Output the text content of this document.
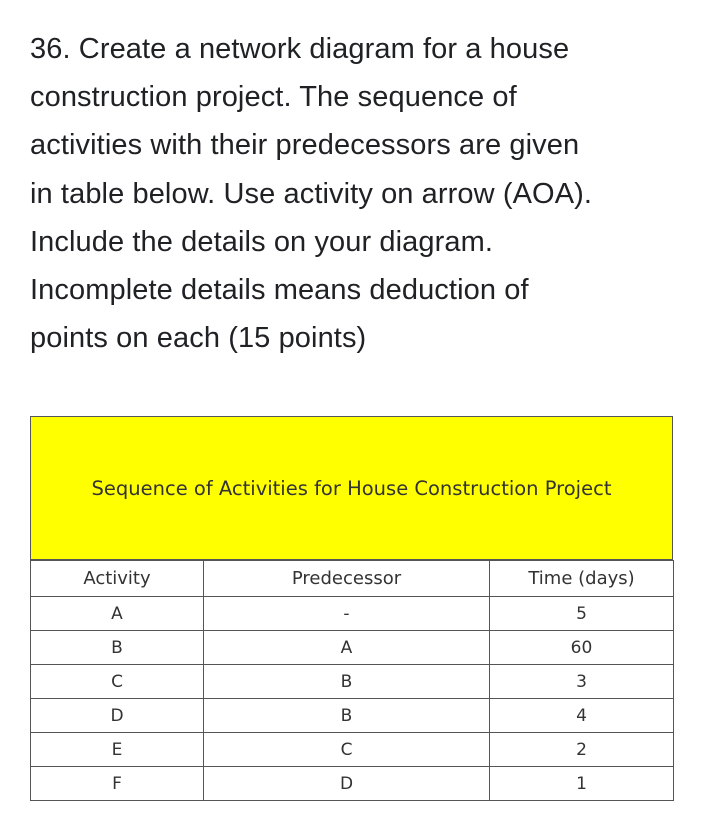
36. Create a network diagram for a house
construction project. The sequence of
activities with their predecessors are given
in table below. Use activity on arrow (AOA).
Include the details on your diagram.
Incomplete details means deduction of
points on each (15 points)
Sequence of Activities for House Construction Project
Activity	Predecessor	Time (days)
A	-	5
B	A	60
C	B	3
D	B	4
E	C	2
F	D	1
